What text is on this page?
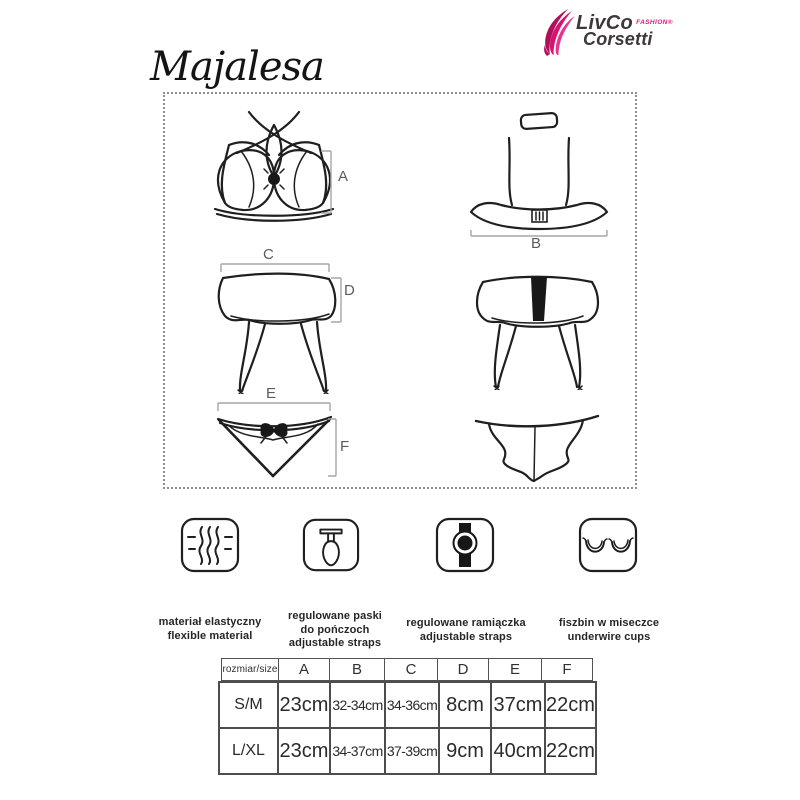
LivCo FASHION®
Corsetti
Majalesa
A
B
C
D
E
F
materiał elastyczny
flexible material
regulowane paski
do pończoch
adjustable straps
regulowane ramiączka
adjustable straps
fiszbin w miseczce
underwire cups
rozmiar/size	A	B	C	D	E	F
S/M	23cm	32-34cm	34-36cm	8cm	37cm	22cm
L/XL	23cm	34-37cm	37-39cm	9cm	40cm	22cm
